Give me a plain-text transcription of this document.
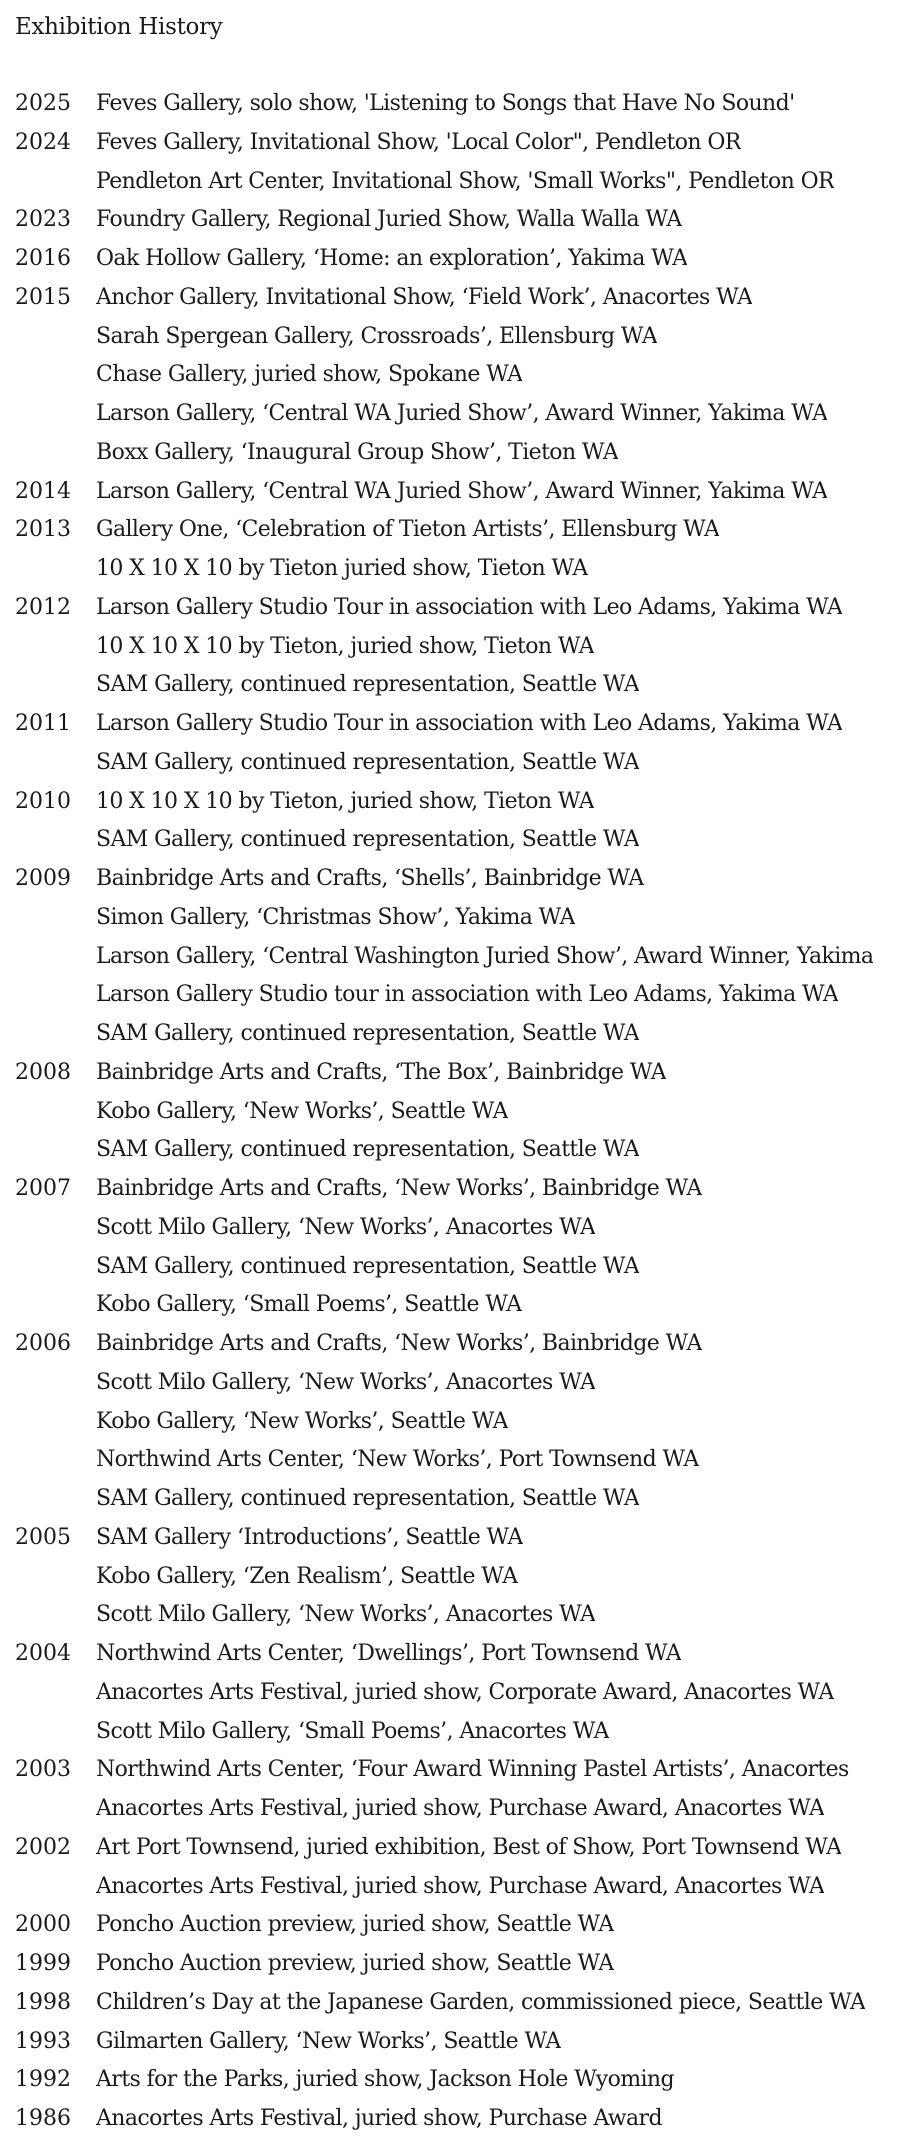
Exhibition History
2025 Feves Gallery, solo show, 'Listening to Songs that Have No Sound'
2024 Feves Gallery, Invitational Show, 'Local Color", Pendleton OR
Pendleton Art Center, Invitational Show, 'Small Works", Pendleton OR
2023 Foundry Gallery, Regional Juried Show, Walla Walla WA
2016 Oak Hollow Gallery, ‘Home: an exploration’, Yakima WA
2015 Anchor Gallery, Invitational Show, ‘Field Work’, Anacortes WA
Sarah Spergean Gallery, Crossroads’, Ellensburg WA
Chase Gallery, juried show, Spokane WA
Larson Gallery, ‘Central WA Juried Show’, Award Winner, Yakima WA
Boxx Gallery, ‘Inaugural Group Show’, Tieton WA
2014 Larson Gallery, ‘Central WA Juried Show’, Award Winner, Yakima WA
2013 Gallery One, ‘Celebration of Tieton Artists’, Ellensburg WA
10 X 10 X 10 by Tieton juried show, Tieton WA
2012 Larson Gallery Studio Tour in association with Leo Adams, Yakima WA
10 X 10 X 10 by Tieton, juried show, Tieton WA
SAM Gallery, continued representation, Seattle WA
2011 Larson Gallery Studio Tour in association with Leo Adams, Yakima WA
SAM Gallery, continued representation, Seattle WA
2010 10 X 10 X 10 by Tieton, juried show, Tieton WA
SAM Gallery, continued representation, Seattle WA
2009 Bainbridge Arts and Crafts, ‘Shells’, Bainbridge WA
Simon Gallery, ‘Christmas Show’, Yakima WA
Larson Gallery, ‘Central Washington Juried Show’, Award Winner, Yakima
Larson Gallery Studio tour in association with Leo Adams, Yakima WA
SAM Gallery, continued representation, Seattle WA
2008 Bainbridge Arts and Crafts, ‘The Box’, Bainbridge WA
Kobo Gallery, ‘New Works’, Seattle WA
SAM Gallery, continued representation, Seattle WA
2007 Bainbridge Arts and Crafts, ‘New Works’, Bainbridge WA
Scott Milo Gallery, ‘New Works’, Anacortes WA
SAM Gallery, continued representation, Seattle WA
Kobo Gallery, ‘Small Poems’, Seattle WA
2006 Bainbridge Arts and Crafts, ‘New Works’, Bainbridge WA
Scott Milo Gallery, ‘New Works’, Anacortes WA
Kobo Gallery, ‘New Works’, Seattle WA
Northwind Arts Center, ‘New Works’, Port Townsend WA
SAM Gallery, continued representation, Seattle WA
2005 SAM Gallery ‘Introductions’, Seattle WA
Kobo Gallery, ‘Zen Realism’, Seattle WA
Scott Milo Gallery, ‘New Works’, Anacortes WA
2004 Northwind Arts Center, ‘Dwellings’, Port Townsend WA
Anacortes Arts Festival, juried show, Corporate Award, Anacortes WA
Scott Milo Gallery, ‘Small Poems’, Anacortes WA
2003 Northwind Arts Center, ‘Four Award Winning Pastel Artists’, Anacortes
Anacortes Arts Festival, juried show, Purchase Award, Anacortes WA
2002 Art Port Townsend, juried exhibition, Best of Show, Port Townsend WA
Anacortes Arts Festival, juried show, Purchase Award, Anacortes WA
2000 Poncho Auction preview, juried show, Seattle WA
1999 Poncho Auction preview, juried show, Seattle WA
1998 Children’s Day at the Japanese Garden, commissioned piece, Seattle WA
1993 Gilmarten Gallery, ‘New Works’, Seattle WA
1992 Arts for the Parks, juried show, Jackson Hole Wyoming
1986 Anacortes Arts Festival, juried show, Purchase Award
